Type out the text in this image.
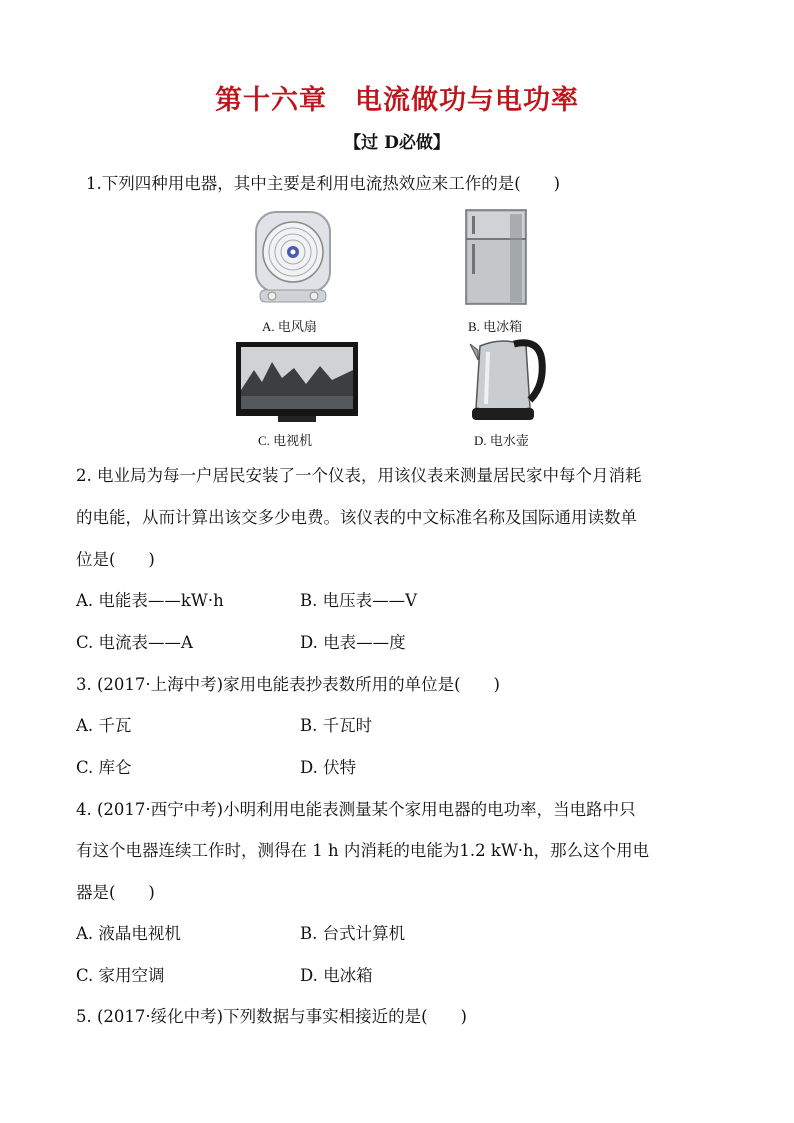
第十六章　电流做功与电功率
【过 D必做】
1.下列四种用电器，其中主要是利用电流热效应来工作的是(　　)
A. 电风扇	B. 电冰箱
C. 电视机	D. 电水壶
2. 电业局为每一户居民安装了一个仪表，用该仪表来测量居民家中每个月消耗
的电能，从而计算出该交多少电费。该仪表的中文标准名称及国际通用读数单
位是(　　)
A. 电能表——kW·h	B. 电压表——V
C. 电流表——A	D. 电表——度
3. (2017·上海中考)家用电能表抄表数所用的单位是(　　)
A. 千瓦	B. 千瓦时
C. 库仑	D. 伏特
4. (2017·西宁中考)小明利用电能表测量某个家用电器的电功率，当电路中只
有这个电器连续工作时，测得在 1 h 内消耗的电能为1.2 kW·h，那么这个用电
器是(　　)
A. 液晶电视机	B. 台式计算机
C. 家用空调	D. 电冰箱
5. (2017·绥化中考)下列数据与事实相接近的是(　　)
